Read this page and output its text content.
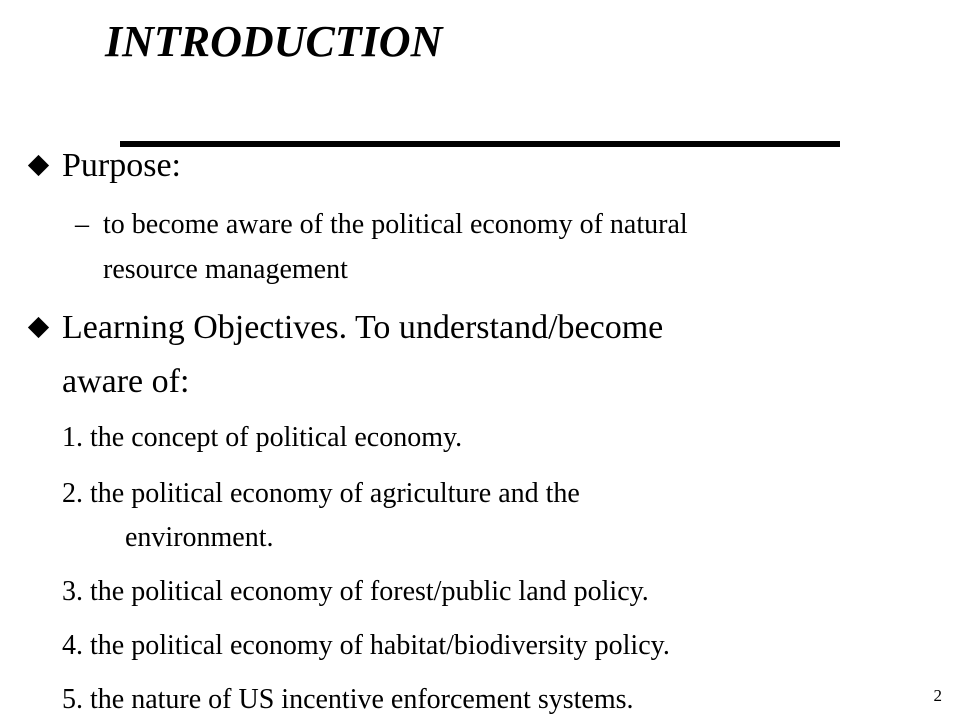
INTRODUCTION
Purpose:
– to become aware of the political economy of natural
resource management
Learning Objectives. To understand/become
aware of:
1. the concept of political economy.
2. the political economy of agriculture and the
environment.
3. the political economy of forest/public land policy.
4. the political economy of habitat/biodiversity policy.
5. the nature of US incentive enforcement systems.	2
